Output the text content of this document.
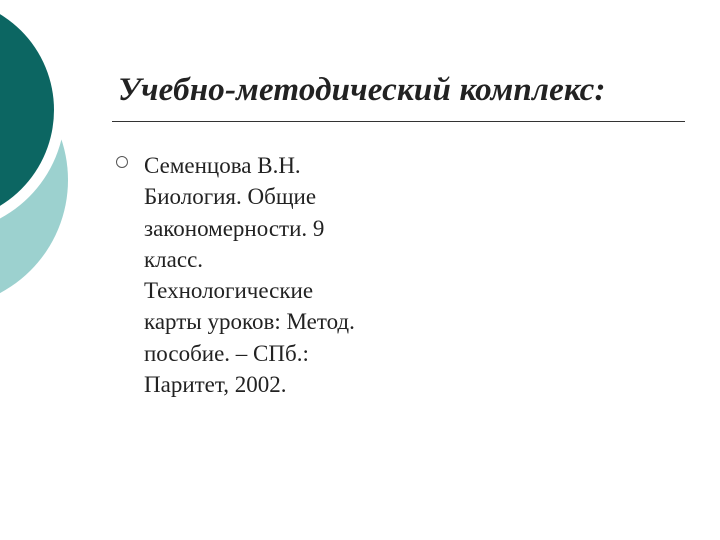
Учебно-методический комплекс:
Семенцова В.Н.
Биология. Общие
закономерности. 9
класс.
Технологические
карты уроков: Метод.
пособие. – СПб.:
Паритет, 2002.
